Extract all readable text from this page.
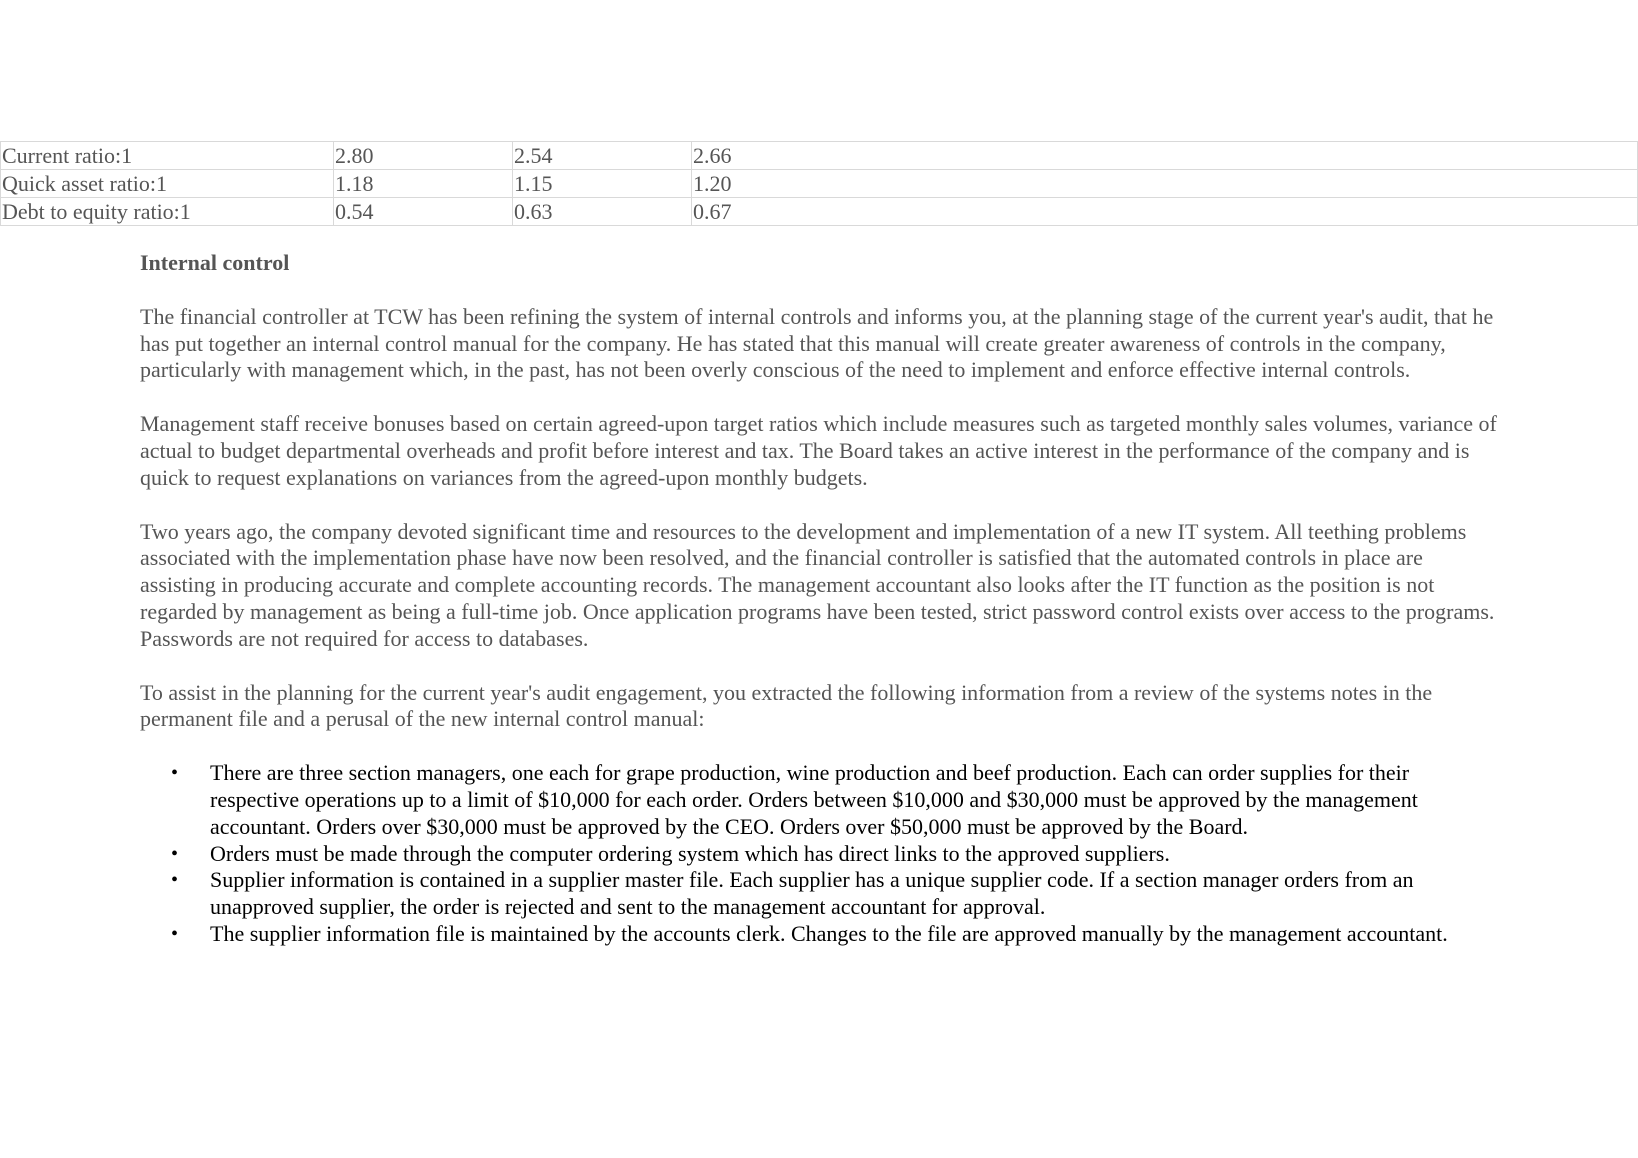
Current ratio:1	2.80	2.54	2.66
Quick asset ratio:1	1.18	1.15	1.20
Debt to equity ratio:1	0.54	0.63	0.67

Internal control

The financial controller at TCW has been refining the system of internal controls and informs you, at the planning stage of the current year's audit, that he has put together an internal control manual for the company. He has stated that this manual will create greater awareness of controls in the company, particularly with management which, in the past, has not been overly conscious of the need to implement and enforce effective internal controls.

Management staff receive bonuses based on certain agreed-upon target ratios which include measures such as targeted monthly sales volumes, variance of actual to budget departmental overheads and profit before interest and tax. The Board takes an active interest in the performance of the company and is quick to request explanations on variances from the agreed-upon monthly budgets.

Two years ago, the company devoted significant time and resources to the development and implementation of a new IT system. All teething problems associated with the implementation phase have now been resolved, and the financial controller is satisfied that the automated controls in place are assisting in producing accurate and complete accounting records. The management accountant also looks after the IT function as the position is not regarded by management as being a full-time job. Once application programs have been tested, strict password control exists over access to the programs. Passwords are not required for access to databases.

To assist in the planning for the current year's audit engagement, you extracted the following information from a review of the systems notes in the permanent file and a perusal of the new internal control manual:

• There are three section managers, one each for grape production, wine production and beef production. Each can order supplies for their respective operations up to a limit of $10,000 for each order. Orders between $10,000 and $30,000 must be approved by the management accountant. Orders over $30,000 must be approved by the CEO. Orders over $50,000 must be approved by the Board.
• Orders must be made through the computer ordering system which has direct links to the approved suppliers.
• Supplier information is contained in a supplier master file. Each supplier has a unique supplier code. If a section manager orders from an unapproved supplier, the order is rejected and sent to the management accountant for approval.
• The supplier information file is maintained by the accounts clerk. Changes to the file are approved manually by the management accountant.
